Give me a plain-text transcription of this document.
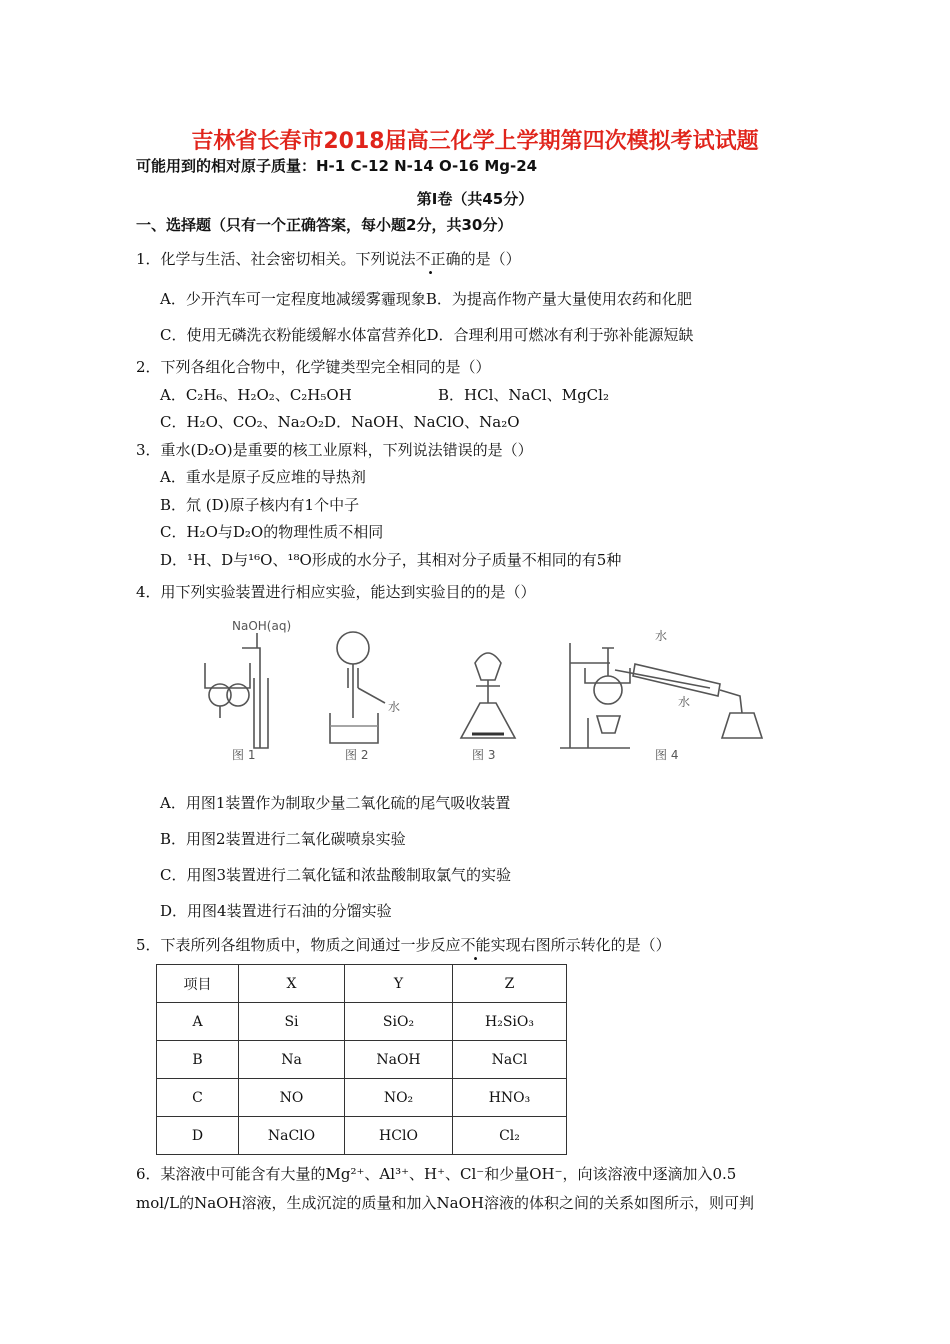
吉林省长春市2018届高三化学上学期第四次模拟考试试题
可能用到的相对原子质量：H-1 C-12 N-14 O-16 Mg-24
第Ⅰ卷（共45分）
一、选择题（只有一个正确答案，每小题2分，共30分）
1．化学与生活、社会密切相关。下列说法不正确的是（）
A．少开汽车可一定程度地减缓雾霾现象B．为提高作物产量大量使用农药和化肥
C．使用无磷洗衣粉能缓解水体富营养化D．合理利用可燃冰有利于弥补能源短缺
2．下列各组化合物中，化学键类型完全相同的是（）
A．C₂H₆、H₂O₂、C₂H₅OH	B．HCl、NaCl、MgCl₂
C．H₂O、CO₂、Na₂O₂D．NaOH、NaClO、Na₂O
3．重水(D₂O)是重要的核工业原料，下列说法错误的是（）
A．重水是原子反应堆的导热剂
B．氘 (D)原子核内有1个中子
C．H₂O与D₂O的物理性质不相同
D．¹H、D与¹⁶O、¹⁸O形成的水分子，其相对分子质量不相同的有5种
4．用下列实验装置进行相应实验，能达到实验目的的是（）
NaOH(aq)
水
水
水
图 1	图 2	图 3	图 4
A．用图1装置作为制取少量二氧化硫的尾气吸收装置
B．用图2装置进行二氧化碳喷泉实验
C．用图3装置进行二氧化锰和浓盐酸制取氯气的实验
D．用图4装置进行石油的分馏实验
5．下表所列各组物质中，物质之间通过一步反应不能实现右图所示转化的是（）
项目	X	Y	Z
A	Si	SiO₂	H₂SiO₃
B	Na	NaOH	NaCl
C	NO	NO₂	HNO₃
D	NaClO	HClO	Cl₂
6．某溶液中可能含有大量的Mg²⁺、Al³⁺、H⁺、Cl⁻和少量OH⁻，向该溶液中逐滴加入0.5
mol/L的NaOH溶液，生成沉淀的质量和加入NaOH溶液的体积之间的关系如图所示，则可判
